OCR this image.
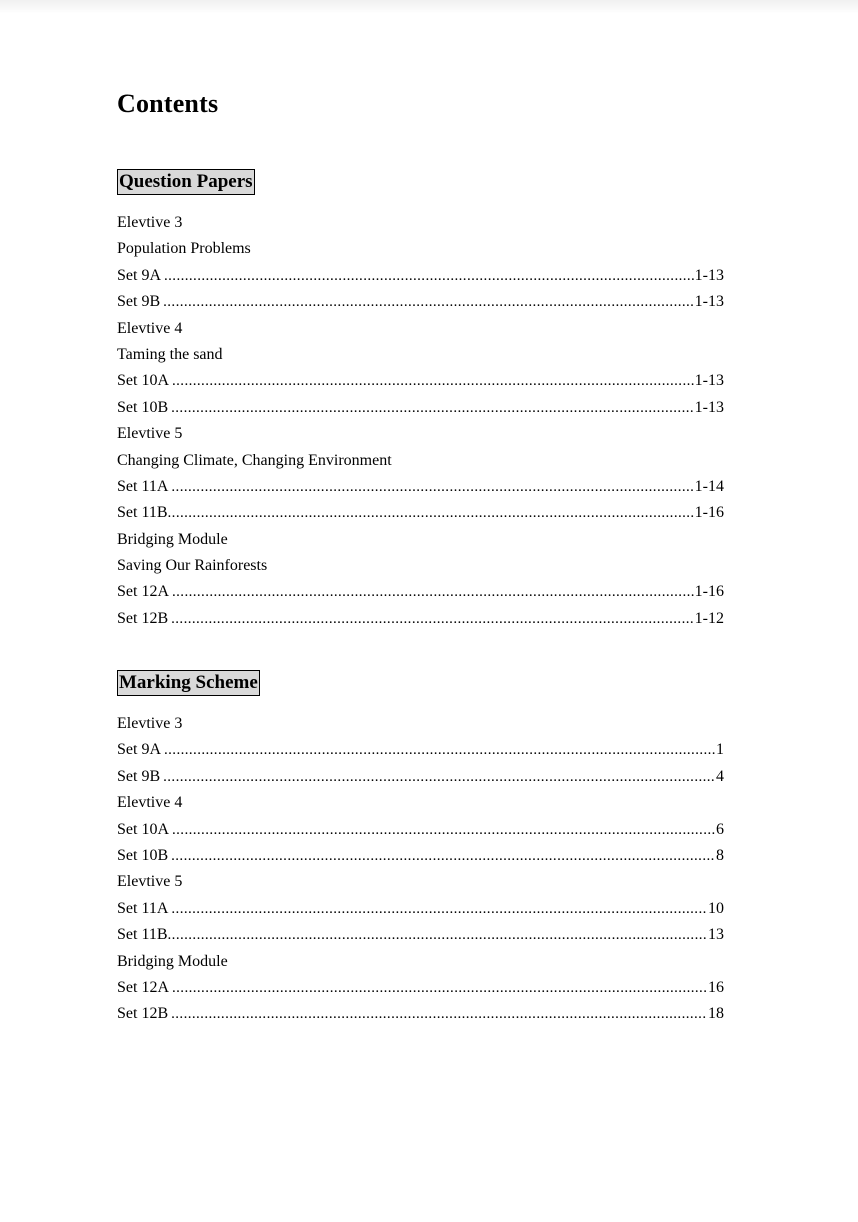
Contents
Question Papers
Elevtive 3
Population Problems
Set 9A .....	1-13
Set 9B .....	1-13
Elevtive 4
Taming the sand
Set 10A .....	1-13
Set 10B .....	1-13
Elevtive 5
Changing Climate, Changing Environment
Set 11A .....	1-14
Set 11B .....	1-16
Bridging Module
Saving Our Rainforests
Set 12A .....	1-16
Set 12B .....	1-12
Marking Scheme
Elevtive 3
Set 9A .....	1
Set 9B .....	4
Elevtive 4
Set 10A .....	6
Set 10B .....	8
Elevtive 5
Set 11A .....	10
Set 11B .....	13
Bridging Module
Set 12A .....	16
Set 12B .....	18
